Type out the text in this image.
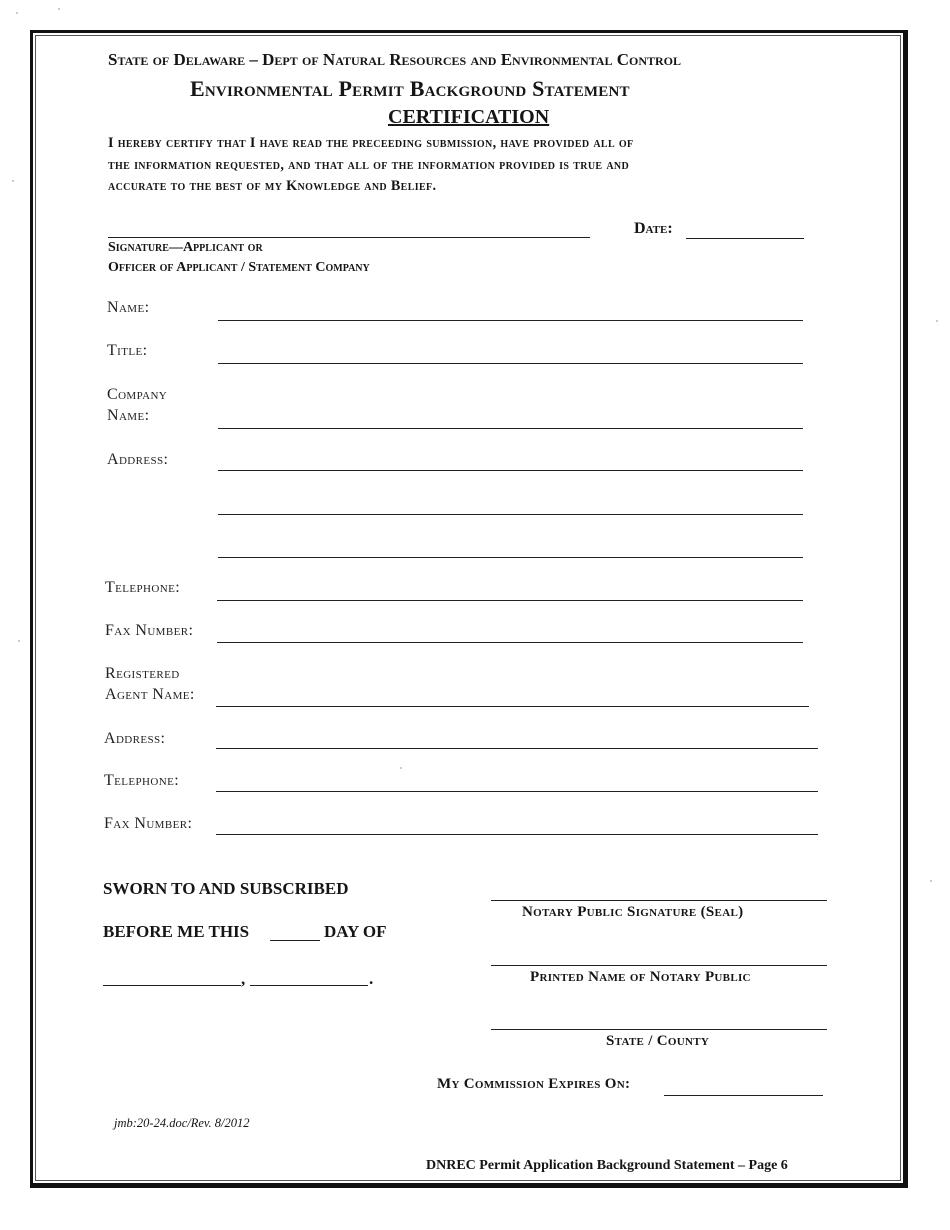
State of Delaware – Dept of Natural Resources and Environmental Control
Environmental Permit Background Statement
CERTIFICATION
I hereby certify that I have read the preceeding submission, have provided all of
the information requested, and that all of the information provided is true and
accurate to the best of my Knowledge and Belief.
Date:
Signature—Applicant or
Officer of Applicant / Statement Company
Name:
Title:
Company
Name:
Address:
Telephone:
Fax Number:
Registered
Agent Name:
Address:
Telephone:
Fax Number:
SWORN TO AND SUBSCRIBED
BEFORE ME THIS	DAY OF
,	.
Notary Public Signature (Seal)
Printed Name of Notary Public
State / County
My Commission Expires On:
jmb:20-24.doc/Rev. 8/2012
DNREC Permit Application Background Statement – Page 6
